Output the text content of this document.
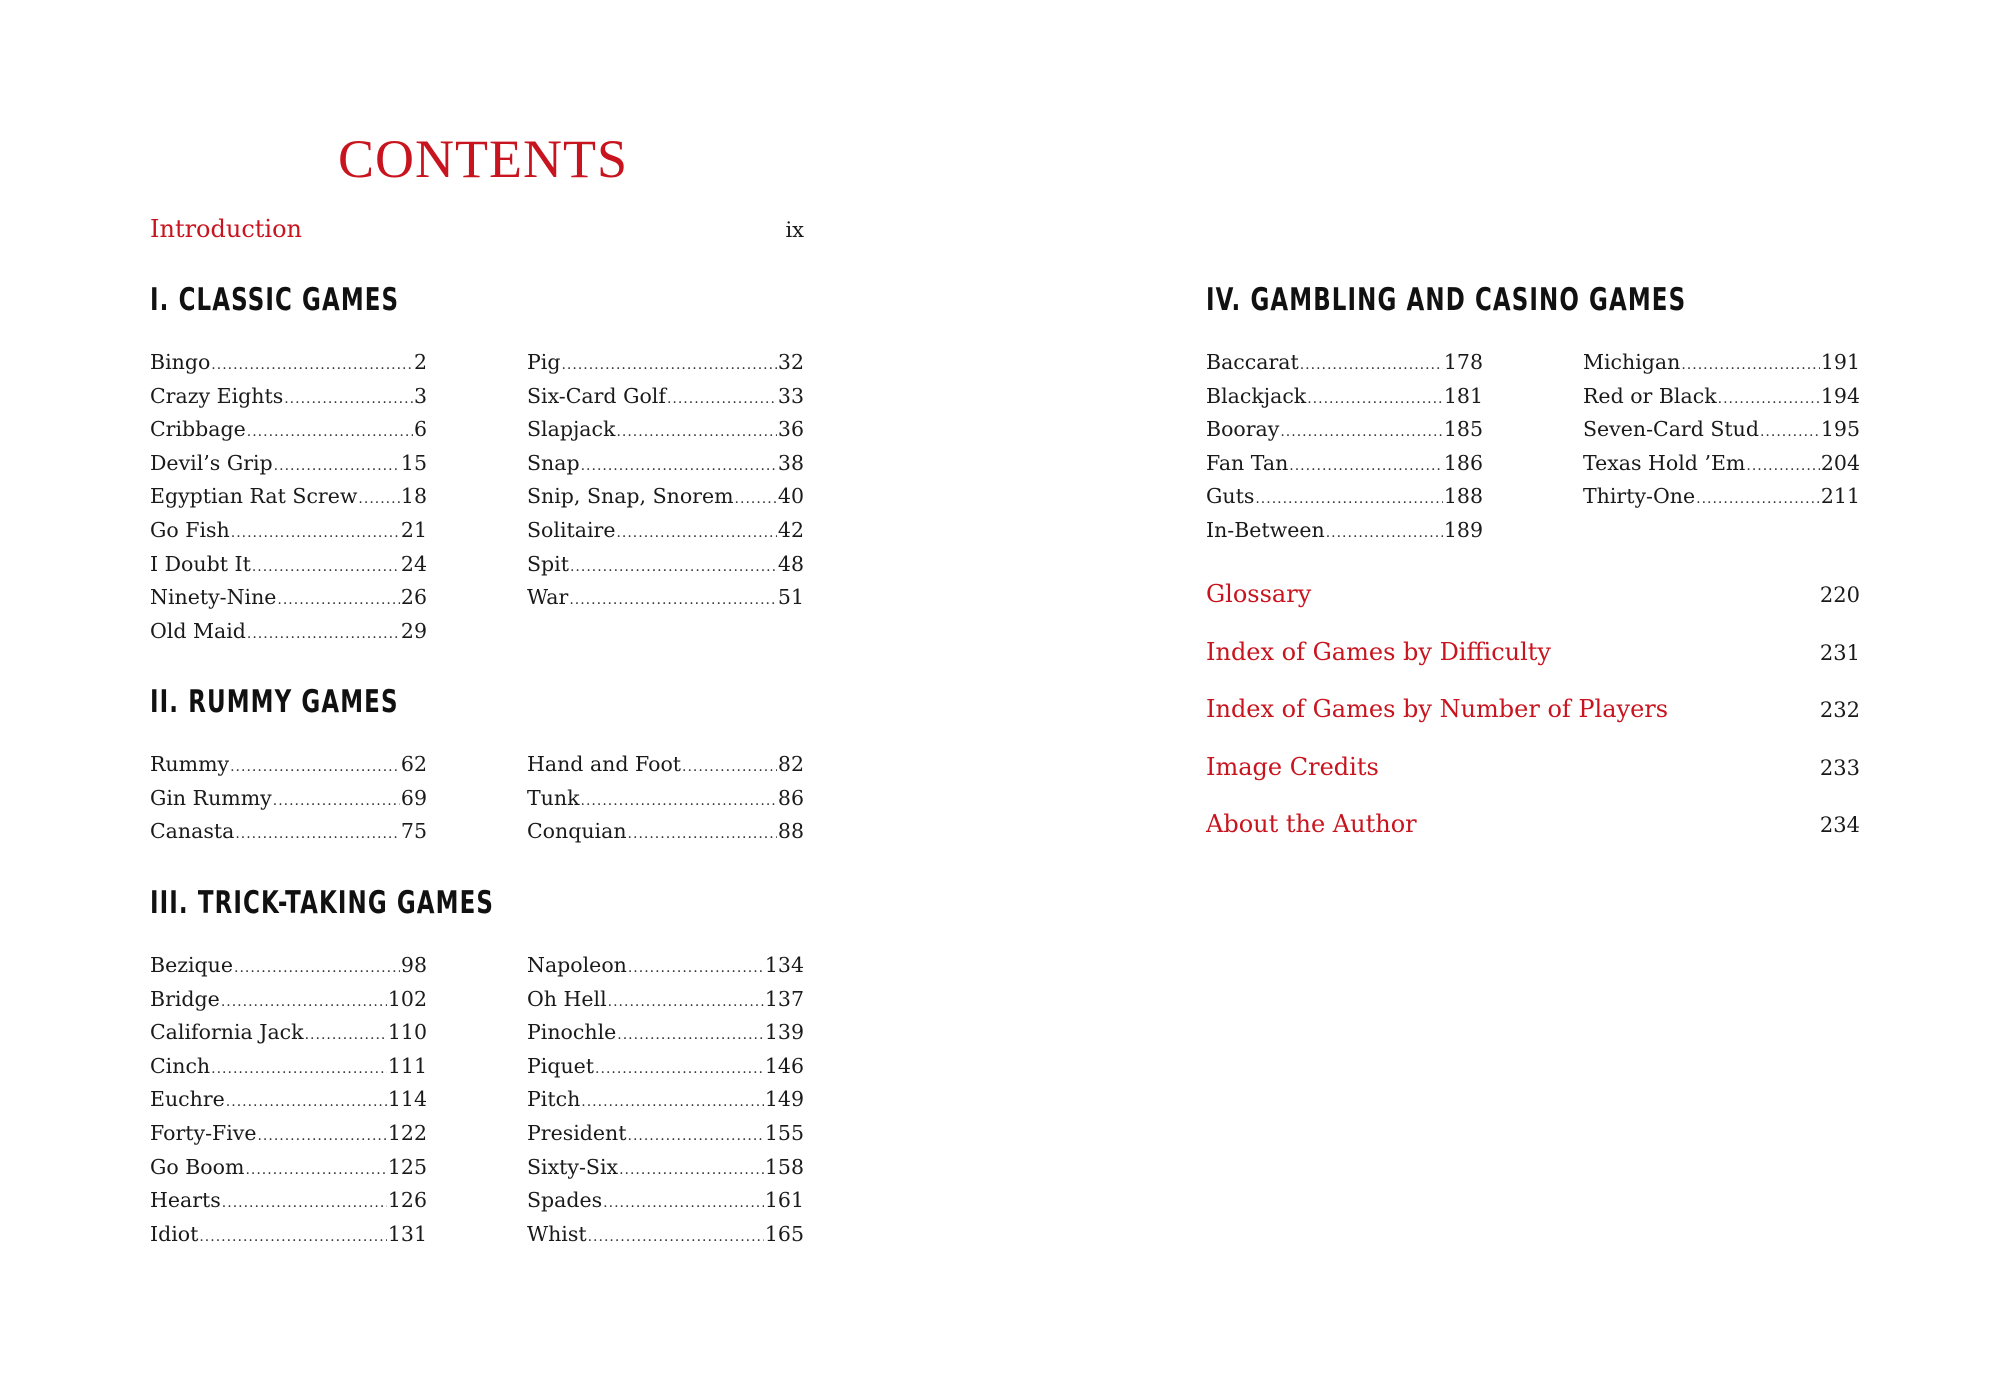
CONTENTS
Introduction	ix
I. CLASSIC GAMES
Bingo .....	2
Crazy Eights .....	3
Cribbage .....	6
Devil’s Grip .....	15
Egyptian Rat Screw ..... 18
Go Fish .....	21
I Doubt It .....	24
Ninety-Nine .....	26
Old Maid .....	29
Pig .....	32
Six-Card Golf .....	33
Slapjack .....	36
Snap .....	38
Snip, Snap, Snorem ..... 40
Solitaire .....	42
Spit .....	48
War .....	51
II. RUMMY GAMES
Rummy .....	62
Gin Rummy .....	69
Canasta .....	75
Hand and Foot .....	82
Tunk .....	86
Conquian .....	88
III. TRICK-TAKING GAMES
Bezique .....	98
Bridge .....	102
California Jack .....	110
Cinch .....	111
Euchre .....	114
Forty-Five .....	122
Go Boom .....	125
Hearts .....	126
Idiot .....	131
Napoleon .....	134
Oh Hell .....	137
Pinochle .....	139
Piquet .....	146
Pitch .....	149
President .....	155
Sixty-Six .....	158
Spades .....	161
Whist .....	165
IV. GAMBLING AND CASINO GAMES
Baccarat .....	178
Blackjack .....	181
Booray .....	185
Fan Tan .....	186
Guts .....	188
In-Between .....	189
Michigan .....	191
Red or Black .....	194
Seven-Card Stud .....	195
Texas Hold ’Em .....	204
Thirty-One .....	211
Glossary	220
Index of Games by Difficulty	231
Index of Games by Number of Players	232
Image Credits	233
About the Author	234
